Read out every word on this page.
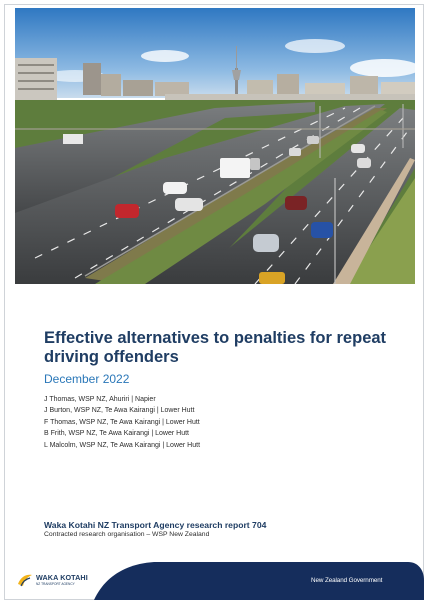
Effective alternatives to penalties for repeat driving offenders

December 2022

J Thomas, WSP NZ, Ahuriri | Napier
J Burton, WSP NZ, Te Awa Kairangi | Lower Hutt
F Thomas, WSP NZ, Te Awa Kairangi | Lower Hutt
B Frith, WSP NZ, Te Awa Kairangi | Lower Hutt
L Malcolm, WSP NZ, Te Awa Kairangi | Lower Hutt

Waka Kotahi NZ Transport Agency research report 704

Contracted research organisation – WSP New Zealand

WAKA KOTAHI
NZ TRANSPORT AGENCY	New Zealand Government
